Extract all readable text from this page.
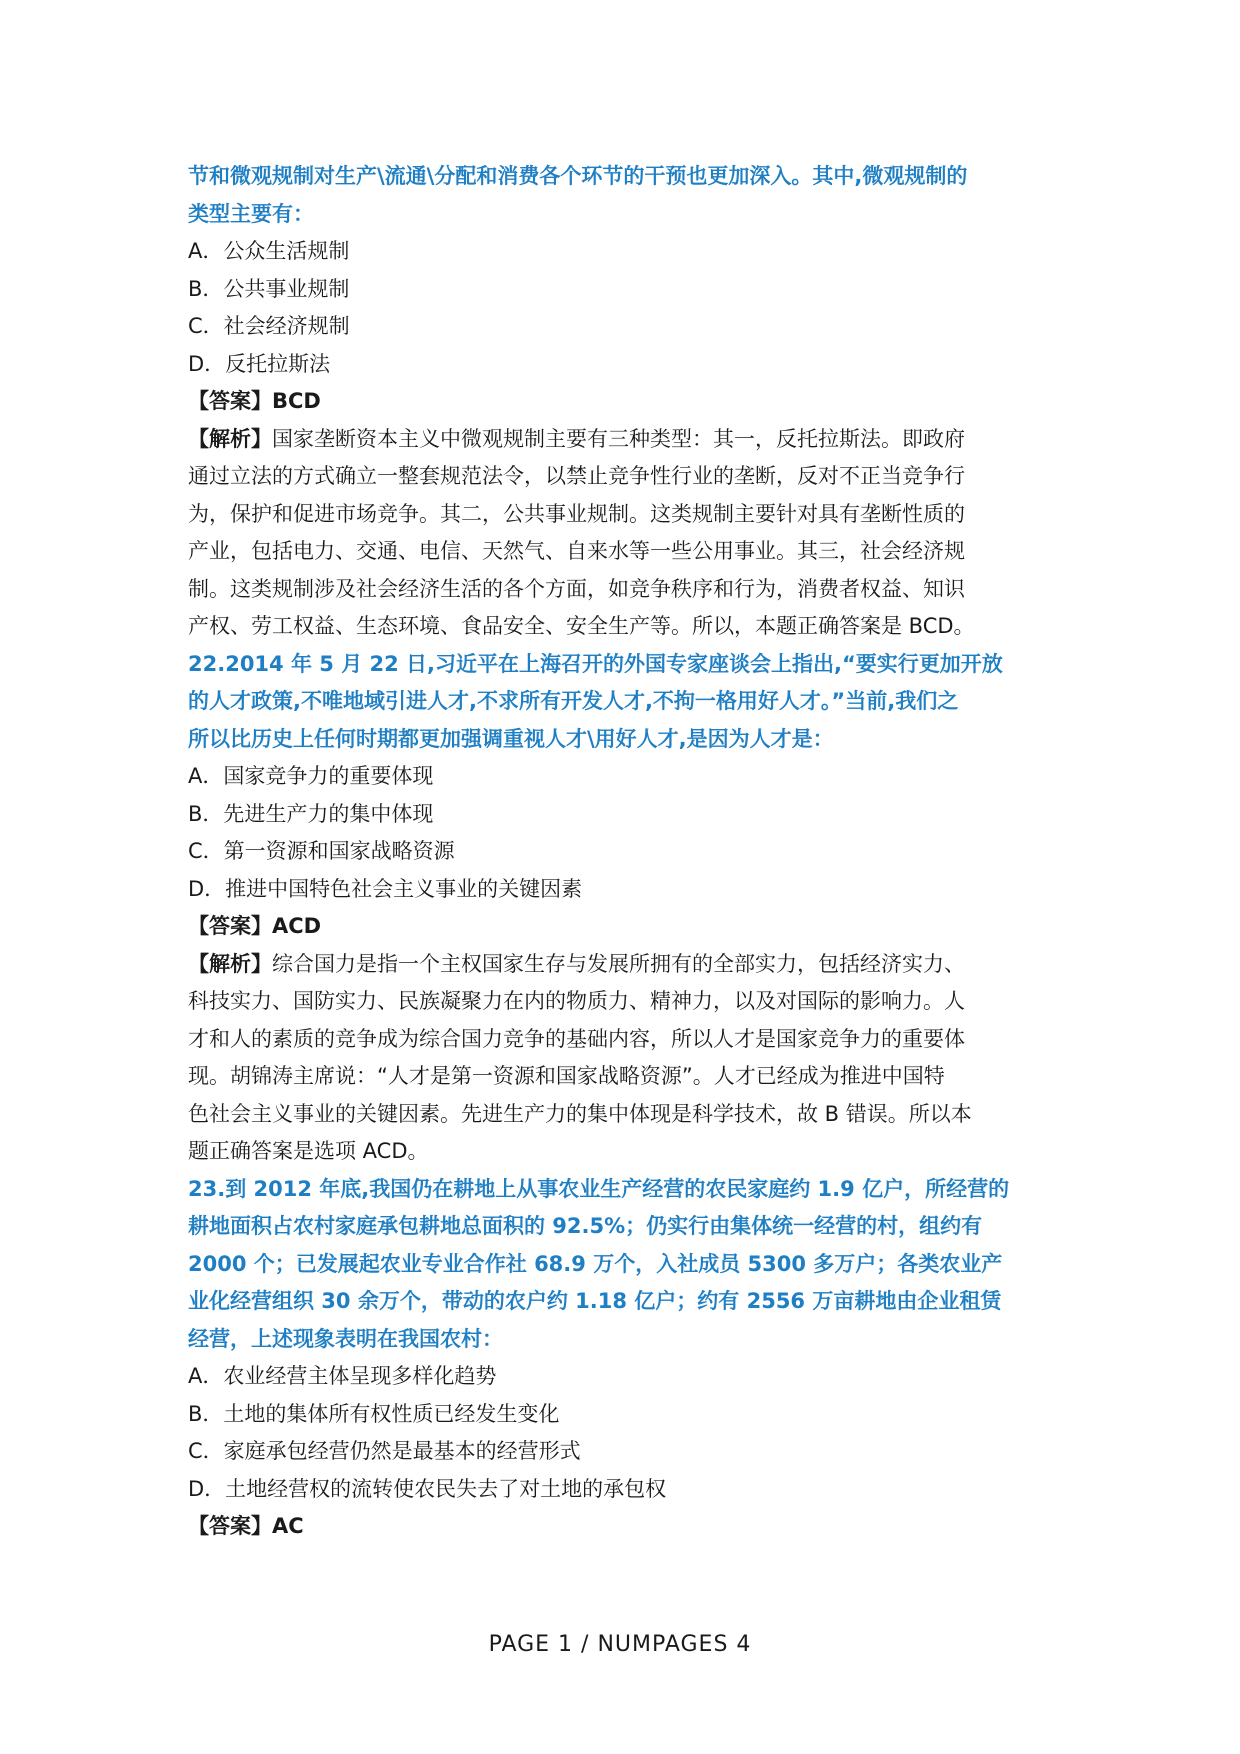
节和微观规制对生产\流通\分配和消费各个环节的干预也更加深入。其中,微观规制的
类型主要有：
A．公众生活规制
B．公共事业规制
C．社会经济规制
D．反托拉斯法
【答案】BCD
【解析】国家垄断资本主义中微观规制主要有三种类型：其一，反托拉斯法。即政府
通过立法的方式确立一整套规范法令，以禁止竞争性行业的垄断，反对不正当竞争行
为，保护和促进市场竞争。其二，公共事业规制。这类规制主要针对具有垄断性质的
产业，包括电力、交通、电信、天然气、自来水等一些公用事业。其三，社会经济规
制。这类规制涉及社会经济生活的各个方面，如竞争秩序和行为，消费者权益、知识
产权、劳工权益、生态环境、食品安全、安全生产等。所以，本题正确答案是 BCD。
22.2014 年 5 月 22 日,习近平在上海召开的外国专家座谈会上指出,“要实行更加开放
的人才政策,不唯地域引进人才,不求所有开发人才,不拘一格用好人才。”当前,我们之
所以比历史上任何时期都更加强调重视人才\用好人才,是因为人才是：
A．国家竞争力的重要体现
B．先进生产力的集中体现
C．第一资源和国家战略资源
D．推进中国特色社会主义事业的关键因素
【答案】ACD
【解析】综合国力是指一个主权国家生存与发展所拥有的全部实力，包括经济实力、
科技实力、国防实力、民族凝聚力在内的物质力、精神力，以及对国际的影响力。人
才和人的素质的竞争成为综合国力竞争的基础内容，所以人才是国家竞争力的重要体
现。胡锦涛主席说：“人才是第一资源和国家战略资源”。人才已经成为推进中国特
色社会主义事业的关键因素。先进生产力的集中体现是科学技术，故 B 错误。所以本
题正确答案是选项 ACD。
23.到 2012 年底,我国仍在耕地上从事农业生产经营的农民家庭约 1.9 亿户，所经营的
耕地面积占农村家庭承包耕地总面积的 92.5%；仍实行由集体统一经营的村，组约有
2000 个；已发展起农业专业合作社 68.9 万个，入社成员 5300 多万户；各类农业产
业化经营组织 30 余万个，带动的农户约 1.18 亿户；约有 2556 万亩耕地由企业租赁
经营，上述现象表明在我国农村：
A．农业经营主体呈现多样化趋势
B．土地的集体所有权性质已经发生变化
C．家庭承包经营仍然是最基本的经营形式
D．土地经营权的流转使农民失去了对土地的承包权
【答案】AC
PAGE 1 / NUMPAGES 4
